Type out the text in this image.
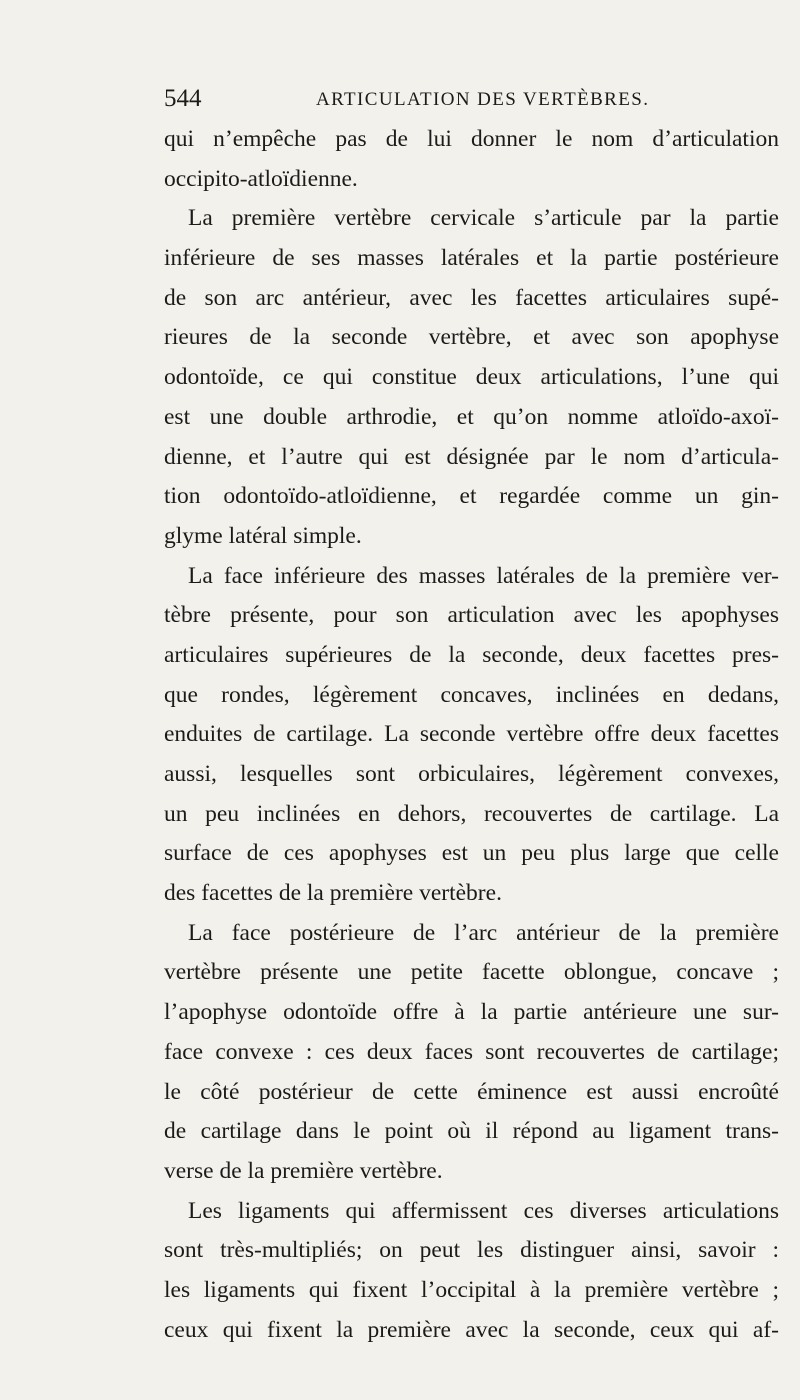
544	ARTICULATION DES VERTÈBRES.
qui n’empêche pas de lui donner le nom d’articulation
occipito-atloïdienne.
La première vertèbre cervicale s’articule par la partie
inférieure de ses masses latérales et la partie postérieure
de son arc antérieur, avec les facettes articulaires supé-
rieures de la seconde vertèbre, et avec son apophyse
odontoïde, ce qui constitue deux articulations, l’une qui
est une double arthrodie, et qu’on nomme atloïdo-axoï-
dienne, et l’autre qui est désignée par le nom d’articula-
tion odontoïdo-atloïdienne, et regardée comme un gin-
glyme latéral simple.
La face inférieure des masses latérales de la première ver-
tèbre présente, pour son articulation avec les apophyses
articulaires supérieures de la seconde, deux facettes pres-
que rondes, légèrement concaves, inclinées en dedans,
enduites de cartilage. La seconde vertèbre offre deux facettes
aussi, lesquelles sont orbiculaires, légèrement convexes,
un peu inclinées en dehors, recouvertes de cartilage. La
surface de ces apophyses est un peu plus large que celle
des facettes de la première vertèbre.
La face postérieure de l’arc antérieur de la première
vertèbre présente une petite facette oblongue, concave ;
l’apophyse odontoïde offre à la partie antérieure une sur-
face convexe : ces deux faces sont recouvertes de cartilage;
le côté postérieur de cette éminence est aussi encroûté
de cartilage dans le point où il répond au ligament trans-
verse de la première vertèbre.
Les ligaments qui affermissent ces diverses articulations
sont très-multipliés; on peut les distinguer ainsi, savoir :
les ligaments qui fixent l’occipital à la première vertèbre ;
ceux qui fixent la première avec la seconde, ceux qui af-
